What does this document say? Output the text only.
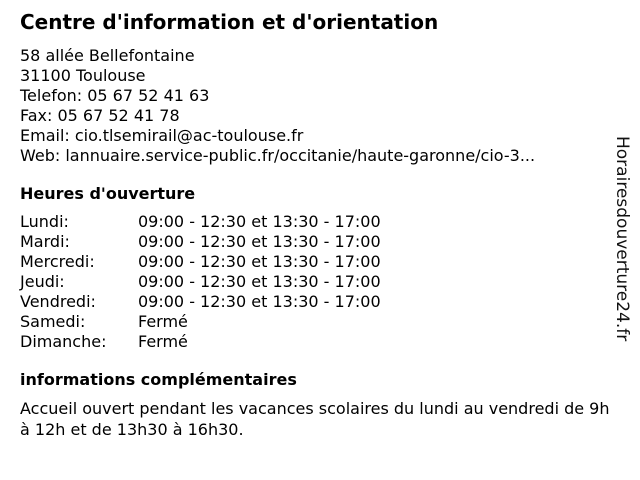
Centre d'information et d'orientation
58 allée Bellefontaine
31100 Toulouse
Telefon: 05 67 52 41 63
Fax: 05 67 52 41 78
Email: cio.tlsemirail@ac-toulouse.fr
Web: lannuaire.service-public.fr/occitanie/haute-garonne/cio-3...
Heures d'ouverture
Lundi:	09:00 - 12:30 et 13:30 - 17:00
Mardi:	09:00 - 12:30 et 13:30 - 17:00
Mercredi:	09:00 - 12:30 et 13:30 - 17:00
Jeudi:	09:00 - 12:30 et 13:30 - 17:00
Vendredi:	09:00 - 12:30 et 13:30 - 17:00
Samedi:	Fermé
Dimanche:	Fermé
informations complémentaires
Accueil ouvert pendant les vacances scolaires du lundi au vendredi de 9h à 12h et de 13h30 à 16h30.
Horairesdouverture24.fr
